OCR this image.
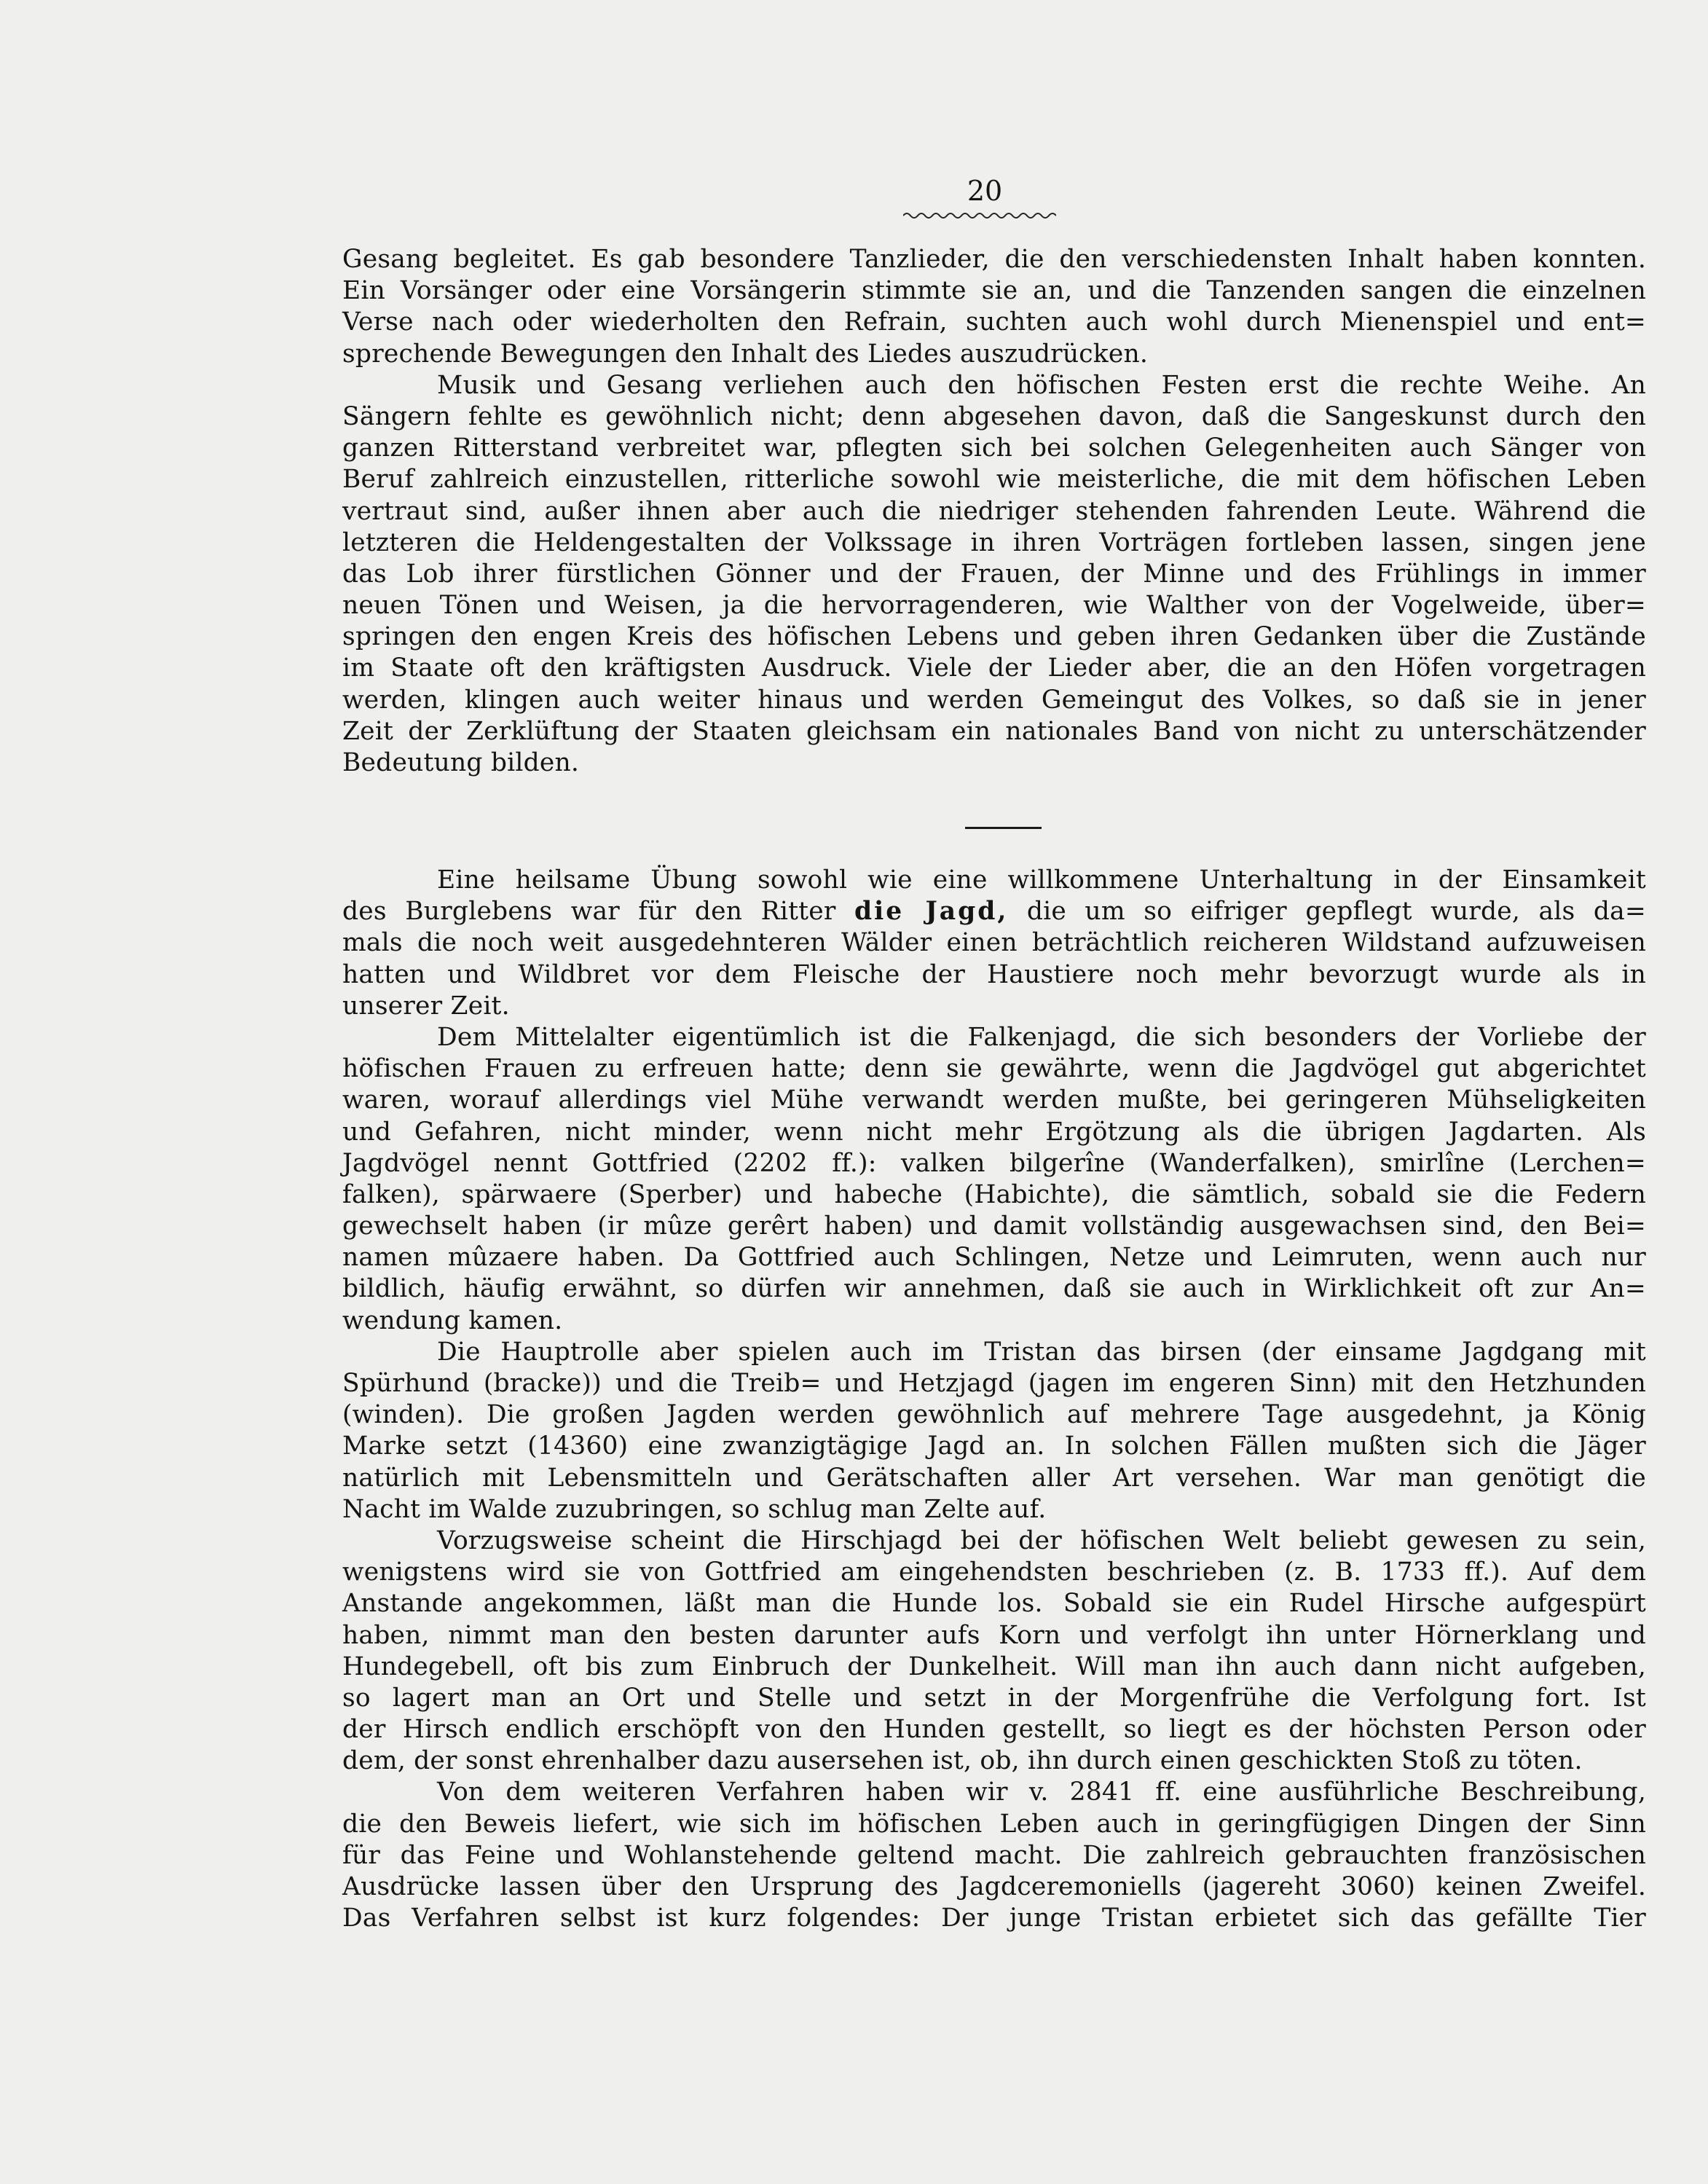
20
Gesang begleitet. Es gab besondere Tanzlieder, die den verschiedensten Inhalt haben konnten.
Ein Vorsänger oder eine Vorsängerin stimmte sie an, und die Tanzenden sangen die einzelnen
Verse nach oder wiederholten den Refrain, suchten auch wohl durch Mienenspiel und ent=
sprechende Bewegungen den Inhalt des Liedes auszudrücken.
Musik und Gesang verliehen auch den höfischen Festen erst die rechte Weihe. An
Sängern fehlte es gewöhnlich nicht; denn abgesehen davon, daß die Sangeskunst durch den
ganzen Ritterstand verbreitet war, pflegten sich bei solchen Gelegenheiten auch Sänger von
Beruf zahlreich einzustellen, ritterliche sowohl wie meisterliche, die mit dem höfischen Leben
vertraut sind, außer ihnen aber auch die niedriger stehenden fahrenden Leute. Während die
letzteren die Heldengestalten der Volkssage in ihren Vorträgen fortleben lassen, singen jene
das Lob ihrer fürstlichen Gönner und der Frauen, der Minne und des Frühlings in immer
neuen Tönen und Weisen, ja die hervorragenderen, wie Walther von der Vogelweide, über=
springen den engen Kreis des höfischen Lebens und geben ihren Gedanken über die Zustände
im Staate oft den kräftigsten Ausdruck. Viele der Lieder aber, die an den Höfen vorgetragen
werden, klingen auch weiter hinaus und werden Gemeingut des Volkes, so daß sie in jener
Zeit der Zerklüftung der Staaten gleichsam ein nationales Band von nicht zu unterschätzender
Bedeutung bilden.
Eine heilsame Übung sowohl wie eine willkommene Unterhaltung in der Einsamkeit
des Burglebens war für den Ritter die Jagd, die um so eifriger gepflegt wurde, als da=
mals die noch weit ausgedehnteren Wälder einen beträchtlich reicheren Wildstand aufzuweisen
hatten und Wildbret vor dem Fleische der Haustiere noch mehr bevorzugt wurde als in
unserer Zeit.
Dem Mittelalter eigentümlich ist die Falkenjagd, die sich besonders der Vorliebe der
höfischen Frauen zu erfreuen hatte; denn sie gewährte, wenn die Jagdvögel gut abgerichtet
waren, worauf allerdings viel Mühe verwandt werden mußte, bei geringeren Mühseligkeiten
und Gefahren, nicht minder, wenn nicht mehr Ergötzung als die übrigen Jagdarten. Als
Jagdvögel nennt Gottfried (2202 ff.): valken bilgerîne (Wanderfalken), smirlîne (Lerchen=
falken), spärwaere (Sperber) und habeche (Habichte), die sämtlich, sobald sie die Federn
gewechselt haben (ir mûze gerêrt haben) und damit vollständig ausgewachsen sind, den Bei=
namen mûzaere haben. Da Gottfried auch Schlingen, Netze und Leimruten, wenn auch nur
bildlich, häufig erwähnt, so dürfen wir annehmen, daß sie auch in Wirklichkeit oft zur An=
wendung kamen.
Die Hauptrolle aber spielen auch im Tristan das birsen (der einsame Jagdgang mit
Spürhund (bracke)) und die Treib= und Hetzjagd (jagen im engeren Sinn) mit den Hetzhunden
(winden). Die großen Jagden werden gewöhnlich auf mehrere Tage ausgedehnt, ja König
Marke setzt (14360) eine zwanzigtägige Jagd an. In solchen Fällen mußten sich die Jäger
natürlich mit Lebensmitteln und Gerätschaften aller Art versehen. War man genötigt die
Nacht im Walde zuzubringen, so schlug man Zelte auf.
Vorzugsweise scheint die Hirschjagd bei der höfischen Welt beliebt gewesen zu sein,
wenigstens wird sie von Gottfried am eingehendsten beschrieben (z. B. 1733 ff.). Auf dem
Anstande angekommen, läßt man die Hunde los. Sobald sie ein Rudel Hirsche aufgespürt
haben, nimmt man den besten darunter aufs Korn und verfolgt ihn unter Hörnerklang und
Hundegebell, oft bis zum Einbruch der Dunkelheit. Will man ihn auch dann nicht aufgeben,
so lagert man an Ort und Stelle und setzt in der Morgenfrühe die Verfolgung fort. Ist
der Hirsch endlich erschöpft von den Hunden gestellt, so liegt es der höchsten Person oder
dem, der sonst ehrenhalber dazu ausersehen ist, ob, ihn durch einen geschickten Stoß zu töten.
Von dem weiteren Verfahren haben wir v. 2841 ff. eine ausführliche Beschreibung,
die den Beweis liefert, wie sich im höfischen Leben auch in geringfügigen Dingen der Sinn
für das Feine und Wohlanstehende geltend macht. Die zahlreich gebrauchten französischen
Ausdrücke lassen über den Ursprung des Jagdceremoniells (jagereht 3060) keinen Zweifel.
Das Verfahren selbst ist kurz folgendes: Der junge Tristan erbietet sich das gefällte Tier
